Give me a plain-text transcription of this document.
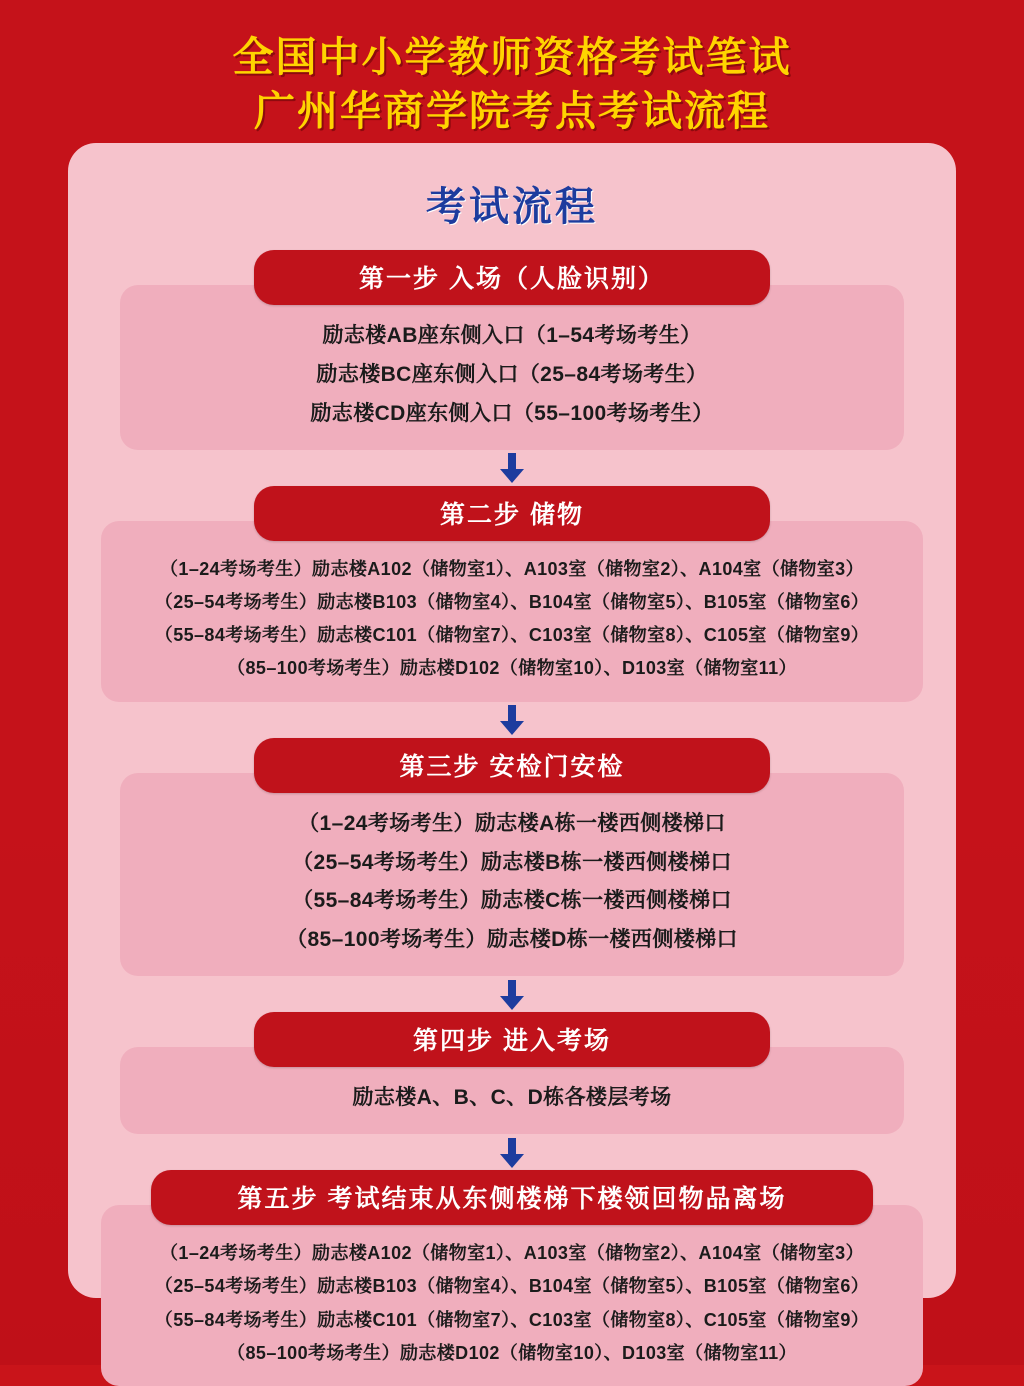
全国中小学教师资格考试笔试
广州华商学院考点考试流程
考试流程
第一步 入场（人脸识别）
励志楼AB座东侧入口（1–54考场考生）
励志楼BC座东侧入口（25–84考场考生）
励志楼CD座东侧入口（55–100考场考生）
第二步 储物
（1–24考场考生）励志楼A102（储物室1）、A103室（储物室2）、A104室（储物室3）
（25–54考场考生）励志楼B103（储物室4）、B104室（储物室5）、B105室（储物室6）
（55–84考场考生）励志楼C101（储物室7）、C103室（储物室8）、C105室（储物室9）
（85–100考场考生）励志楼D102（储物室10）、D103室（储物室11）
第三步 安检门安检
（1–24考场考生）励志楼A栋一楼西侧楼梯口
（25–54考场考生）励志楼B栋一楼西侧楼梯口
（55–84考场考生）励志楼C栋一楼西侧楼梯口
（85–100考场考生）励志楼D栋一楼西侧楼梯口
第四步 进入考场
励志楼A、B、C、D栋各楼层考场
第五步 考试结束从东侧楼梯下楼领回物品离场
（1–24考场考生）励志楼A102（储物室1）、A103室（储物室2）、A104室（储物室3）
（25–54考场考生）励志楼B103（储物室4）、B104室（储物室5）、B105室（储物室6）
（55–84考场考生）励志楼C101（储物室7）、C103室（储物室8）、C105室（储物室9）
（85–100考场考生）励志楼D102（储物室10）、D103室（储物室11）
